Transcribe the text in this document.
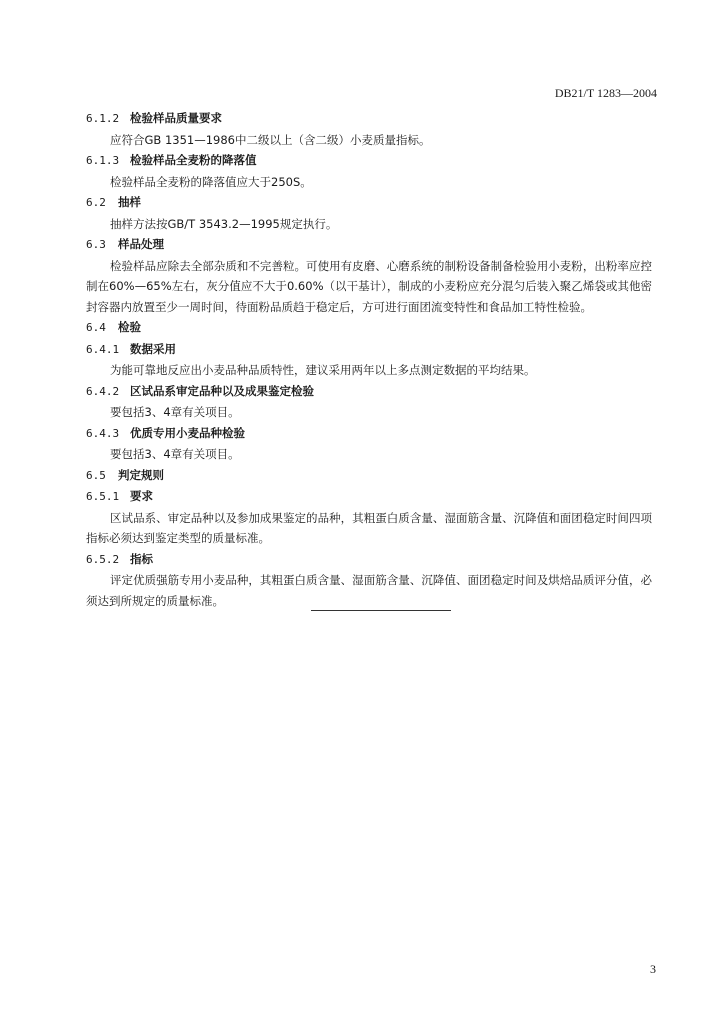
DB21/T 1283—2004
6.1.2 检验样品质量要求
应符合GB 1351—1986中二级以上（含二级）小麦质量指标。
6.1.3 检验样品全麦粉的降落值
检验样品全麦粉的降落值应大于250S。
6.2 抽样
抽样方法按GB/T 3543.2—1995规定执行。
6.3 样品处理
检验样品应除去全部杂质和不完善粒。可使用有皮磨、心磨系统的制粉设备制备检验用小麦粉，出粉率应控制在60%—65%左右，灰分值应不大于0.60%（以干基计），制成的小麦粉应充分混匀后装入聚乙烯袋或其他密封容器内放置至少一周时间，待面粉品质趋于稳定后，方可进行面团流变特性和食品加工特性检验。
6.4 检验
6.4.1 数据采用
为能可靠地反应出小麦品种品质特性，建议采用两年以上多点测定数据的平均结果。
6.4.2 区试品系审定品种以及成果鉴定检验
要包括3、4章有关项目。
6.4.3 优质专用小麦品种检验
要包括3、4章有关项目。
6.5 判定规则
6.5.1 要求
区试品系、审定品种以及参加成果鉴定的品种，其粗蛋白质含量、湿面筋含量、沉降值和面团稳定时间四项指标必须达到鉴定类型的质量标准。
6.5.2 指标
评定优质强筋专用小麦品种，其粗蛋白质含量、湿面筋含量、沉降值、面团稳定时间及烘焙品质评分值，必须达到所规定的质量标准。
3
